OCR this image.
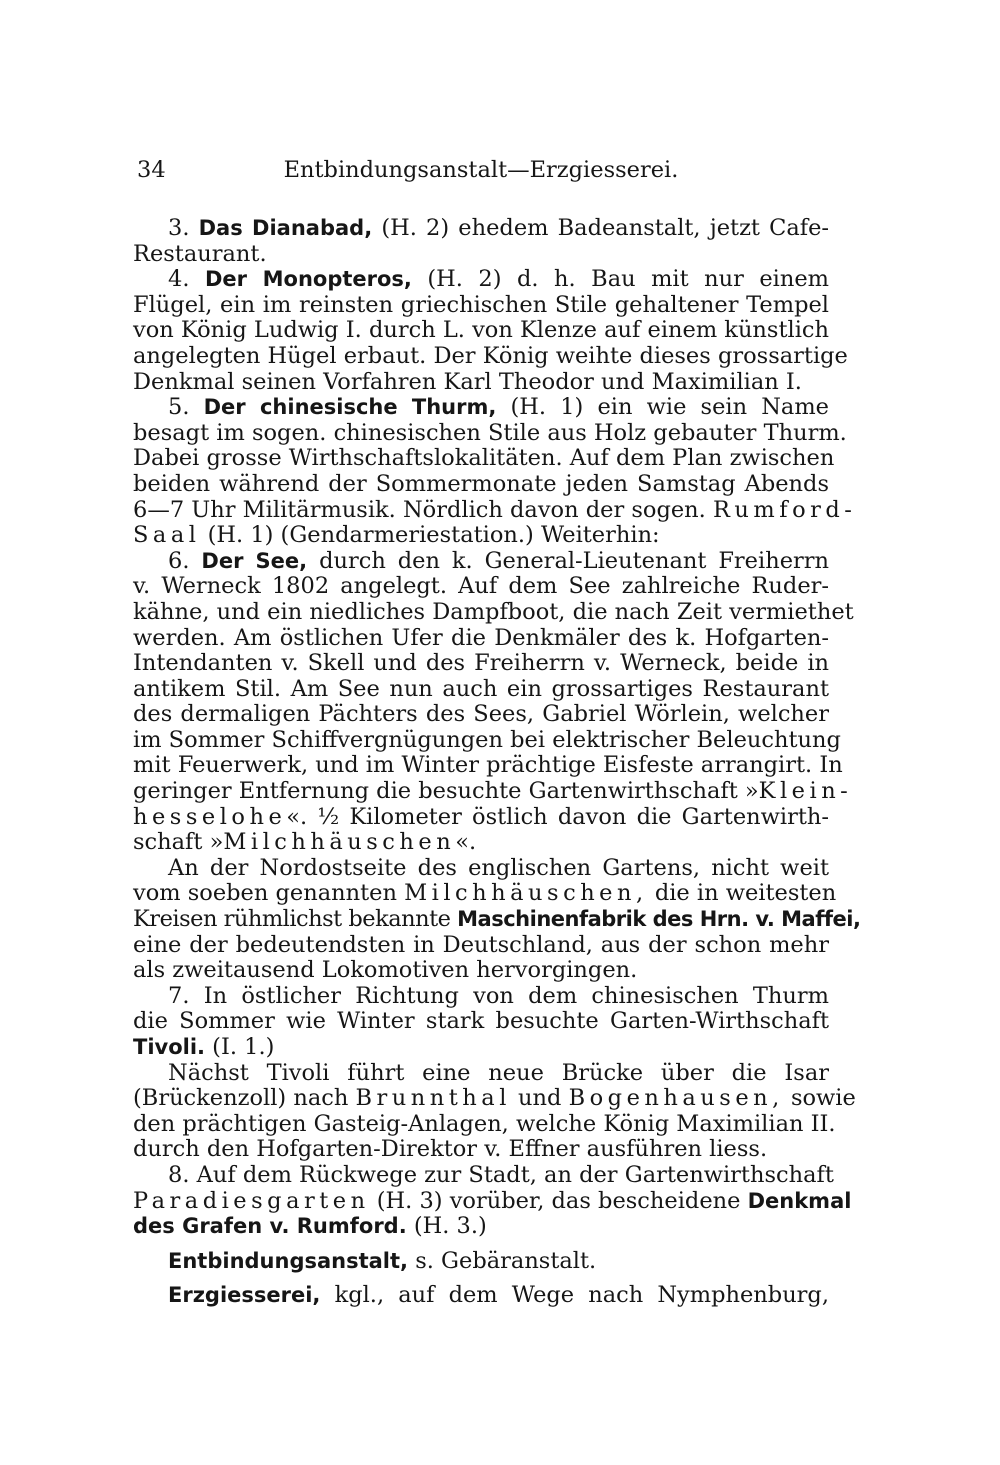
34	Entbindungsanstalt—Erzgiesserei.
3. Das Dianabad, (H. 2) ehedem Badeanstalt, jetzt Cafe-
Restaurant.
4. Der Monopteros, (H. 2) d. h. Bau mit nur einem
Flügel, ein im reinsten griechischen Stile gehaltener Tempel
von König Ludwig I. durch L. von Klenze auf einem künstlich
angelegten Hügel erbaut. Der König weihte dieses grossartige
Denkmal seinen Vorfahren Karl Theodor und Maximilian I.
5. Der chinesische Thurm, (H. 1) ein wie sein Name
besagt im sogen. chinesischen Stile aus Holz gebauter Thurm.
Dabei grosse Wirthschaftslokalitäten. Auf dem Plan zwischen
beiden während der Sommermonate jeden Samstag Abends
6—7 Uhr Militärmusik. Nördlich davon der sogen. Rumford-
Saal (H. 1) (Gendarmeriestation.) Weiterhin:
6. Der See, durch den k. General-Lieutenant Freiherrn
v. Werneck 1802 angelegt. Auf dem See zahlreiche Ruder-
kähne, und ein niedliches Dampfboot, die nach Zeit vermiethet
werden. Am östlichen Ufer die Denkmäler des k. Hofgarten-
Intendanten v. Skell und des Freiherrn v. Werneck, beide in
antikem Stil. Am See nun auch ein grossartiges Restaurant
des dermaligen Pächters des Sees, Gabriel Wörlein, welcher
im Sommer Schiffvergnügungen bei elektrischer Beleuchtung
mit Feuerwerk, und im Winter prächtige Eisfeste arrangirt. In
geringer Entfernung die besuchte Gartenwirthschaft »Klein-
hesselohe«. ½ Kilometer östlich davon die Gartenwirth-
schaft »Milchhäuschen«.
An der Nordostseite des englischen Gartens, nicht weit
vom soeben genannten Milchhäuschen, die in weitesten
Kreisen rühmlichst bekannte Maschinenfabrik des Hrn. v. Maffei,
eine der bedeutendsten in Deutschland, aus der schon mehr
als zweitausend Lokomotiven hervorgingen.
7. In östlicher Richtung von dem chinesischen Thurm
die Sommer wie Winter stark besuchte Garten-Wirthschaft
Tivoli. (I. 1.)
Nächst Tivoli führt eine neue Brücke über die Isar
(Brückenzoll) nach Brunnthal und Bogenhausen, sowie
den prächtigen Gasteig-Anlagen, welche König Maximilian II.
durch den Hofgarten-Direktor v. Effner ausführen liess.
8. Auf dem Rückwege zur Stadt, an der Gartenwirthschaft
Paradiesgarten (H. 3) vorüber, das bescheidene Denkmal
des Grafen v. Rumford. (H. 3.)
Entbindungsanstalt, s. Gebäranstalt.
Erzgiesserei, kgl., auf dem Wege nach Nymphenburg,
